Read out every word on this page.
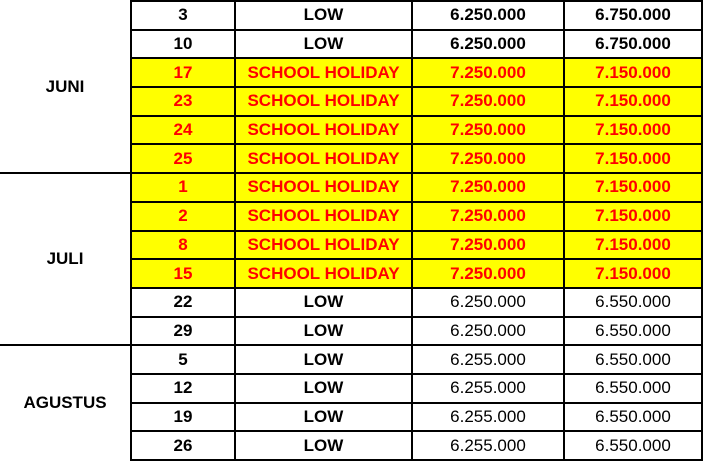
JUNI	3	LOW	6.250.000	6.750.000
	10	LOW	6.250.000	6.750.000
	17	SCHOOL HOLIDAY	7.250.000	7.150.000
	23	SCHOOL HOLIDAY	7.250.000	7.150.000
	24	SCHOOL HOLIDAY	7.250.000	7.150.000
	25	SCHOOL HOLIDAY	7.250.000	7.150.000
JULI	1	SCHOOL HOLIDAY	7.250.000	7.150.000
	2	SCHOOL HOLIDAY	7.250.000	7.150.000
	8	SCHOOL HOLIDAY	7.250.000	7.150.000
	15	SCHOOL HOLIDAY	7.250.000	7.150.000
	22	LOW	6.250.000	6.550.000
	29	LOW	6.250.000	6.550.000
AGUSTUS	5	LOW	6.255.000	6.550.000
	12	LOW	6.255.000	6.550.000
	19	LOW	6.255.000	6.550.000
	26	LOW	6.255.000	6.550.000
